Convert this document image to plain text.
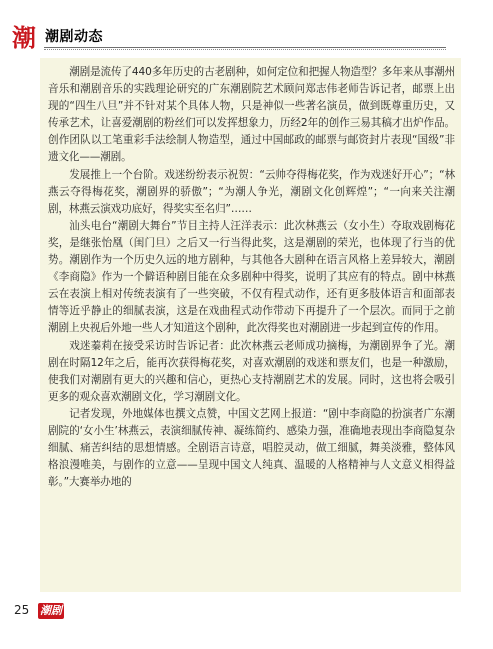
潮 潮剧动态

潮剧是流传了440多年历史的古老剧种，如何定位和把握人物造型？多年来从事潮州音乐和潮剧音乐的实践理论研究的广东潮剧院艺术顾问郑志伟老师告诉记者，邮票上出现的“四生八旦”并不针对某个具体人物，只是神似一些著名演员，做到既尊重历史，又传承艺术，让喜爱潮剧的粉丝们可以发挥想象力，历经2年的创作三易其稿才出炉作品。创作团队以工笔重彩手法绘制人物造型，通过中国邮政的邮票与邮资封片表现“国级”非遗文化——潮剧。

发展推上一个台阶。戏迷纷纷表示祝贺：“云帅夺得梅花奖，作为戏迷好开心”；“林燕云夺得梅花奖，潮剧界的骄傲”；“为潮人争光，潮剧文化创辉煌”；“一向来关注潮剧，林燕云演戏功底好，得奖实至名归”……

汕头电台“潮剧大舞台”节目主持人汪洋表示：此次林燕云（女小生）夺取戏剧梅花奖，是继张怡凰（闺门旦）之后又一行当得此奖，这是潮剧的荣光，也体现了行当的优势。潮剧作为一个历史久远的地方剧种，与其他各大剧种在语言风格上差异较大，潮剧《李商隐》作为一个僻语种剧目能在众多剧种中得奖，说明了其应有的特点。剧中林燕云在表演上相对传统表演有了一些突破，不仅有程式动作，还有更多肢体语言和面部表情等近乎静止的细腻表演，这是在戏曲程式动作带动下再提升了一个层次。而同于之前潮剧上央视后外地一些人才知道这个剧种，此次得奖也对潮剧进一步起到宣传的作用。

戏迷蓁莉在接受采访时告诉记者：此次林燕云老师成功摘梅，为潮剧界争了光。潮剧在时隔12年之后，能再次获得梅花奖，对喜欢潮剧的戏迷和票友们，也是一种激励，使我们对潮剧有更大的兴趣和信心，更热心支持潮剧艺术的发展。同时，这也将会吸引更多的观众喜欢潮剧文化，学习潮剧文化。

记者发现，外地媒体也撰文点赞，中国文艺网上报道：“剧中李商隐的扮演者广东潮剧院的‘女小生’林燕云，表演细腻传神、凝练简约、感染力强，准确地表现出李商隐复杂细腻、痛苦纠结的思想情感。全剧语言诗意，唱腔灵动，做工细腻，舞美淡雅，整体风格浪漫唯美，与剧作的立意——呈现中国文人纯真、温暖的人格精神与人文意义相得益彰。”大赛举办地的

25 潮剧
